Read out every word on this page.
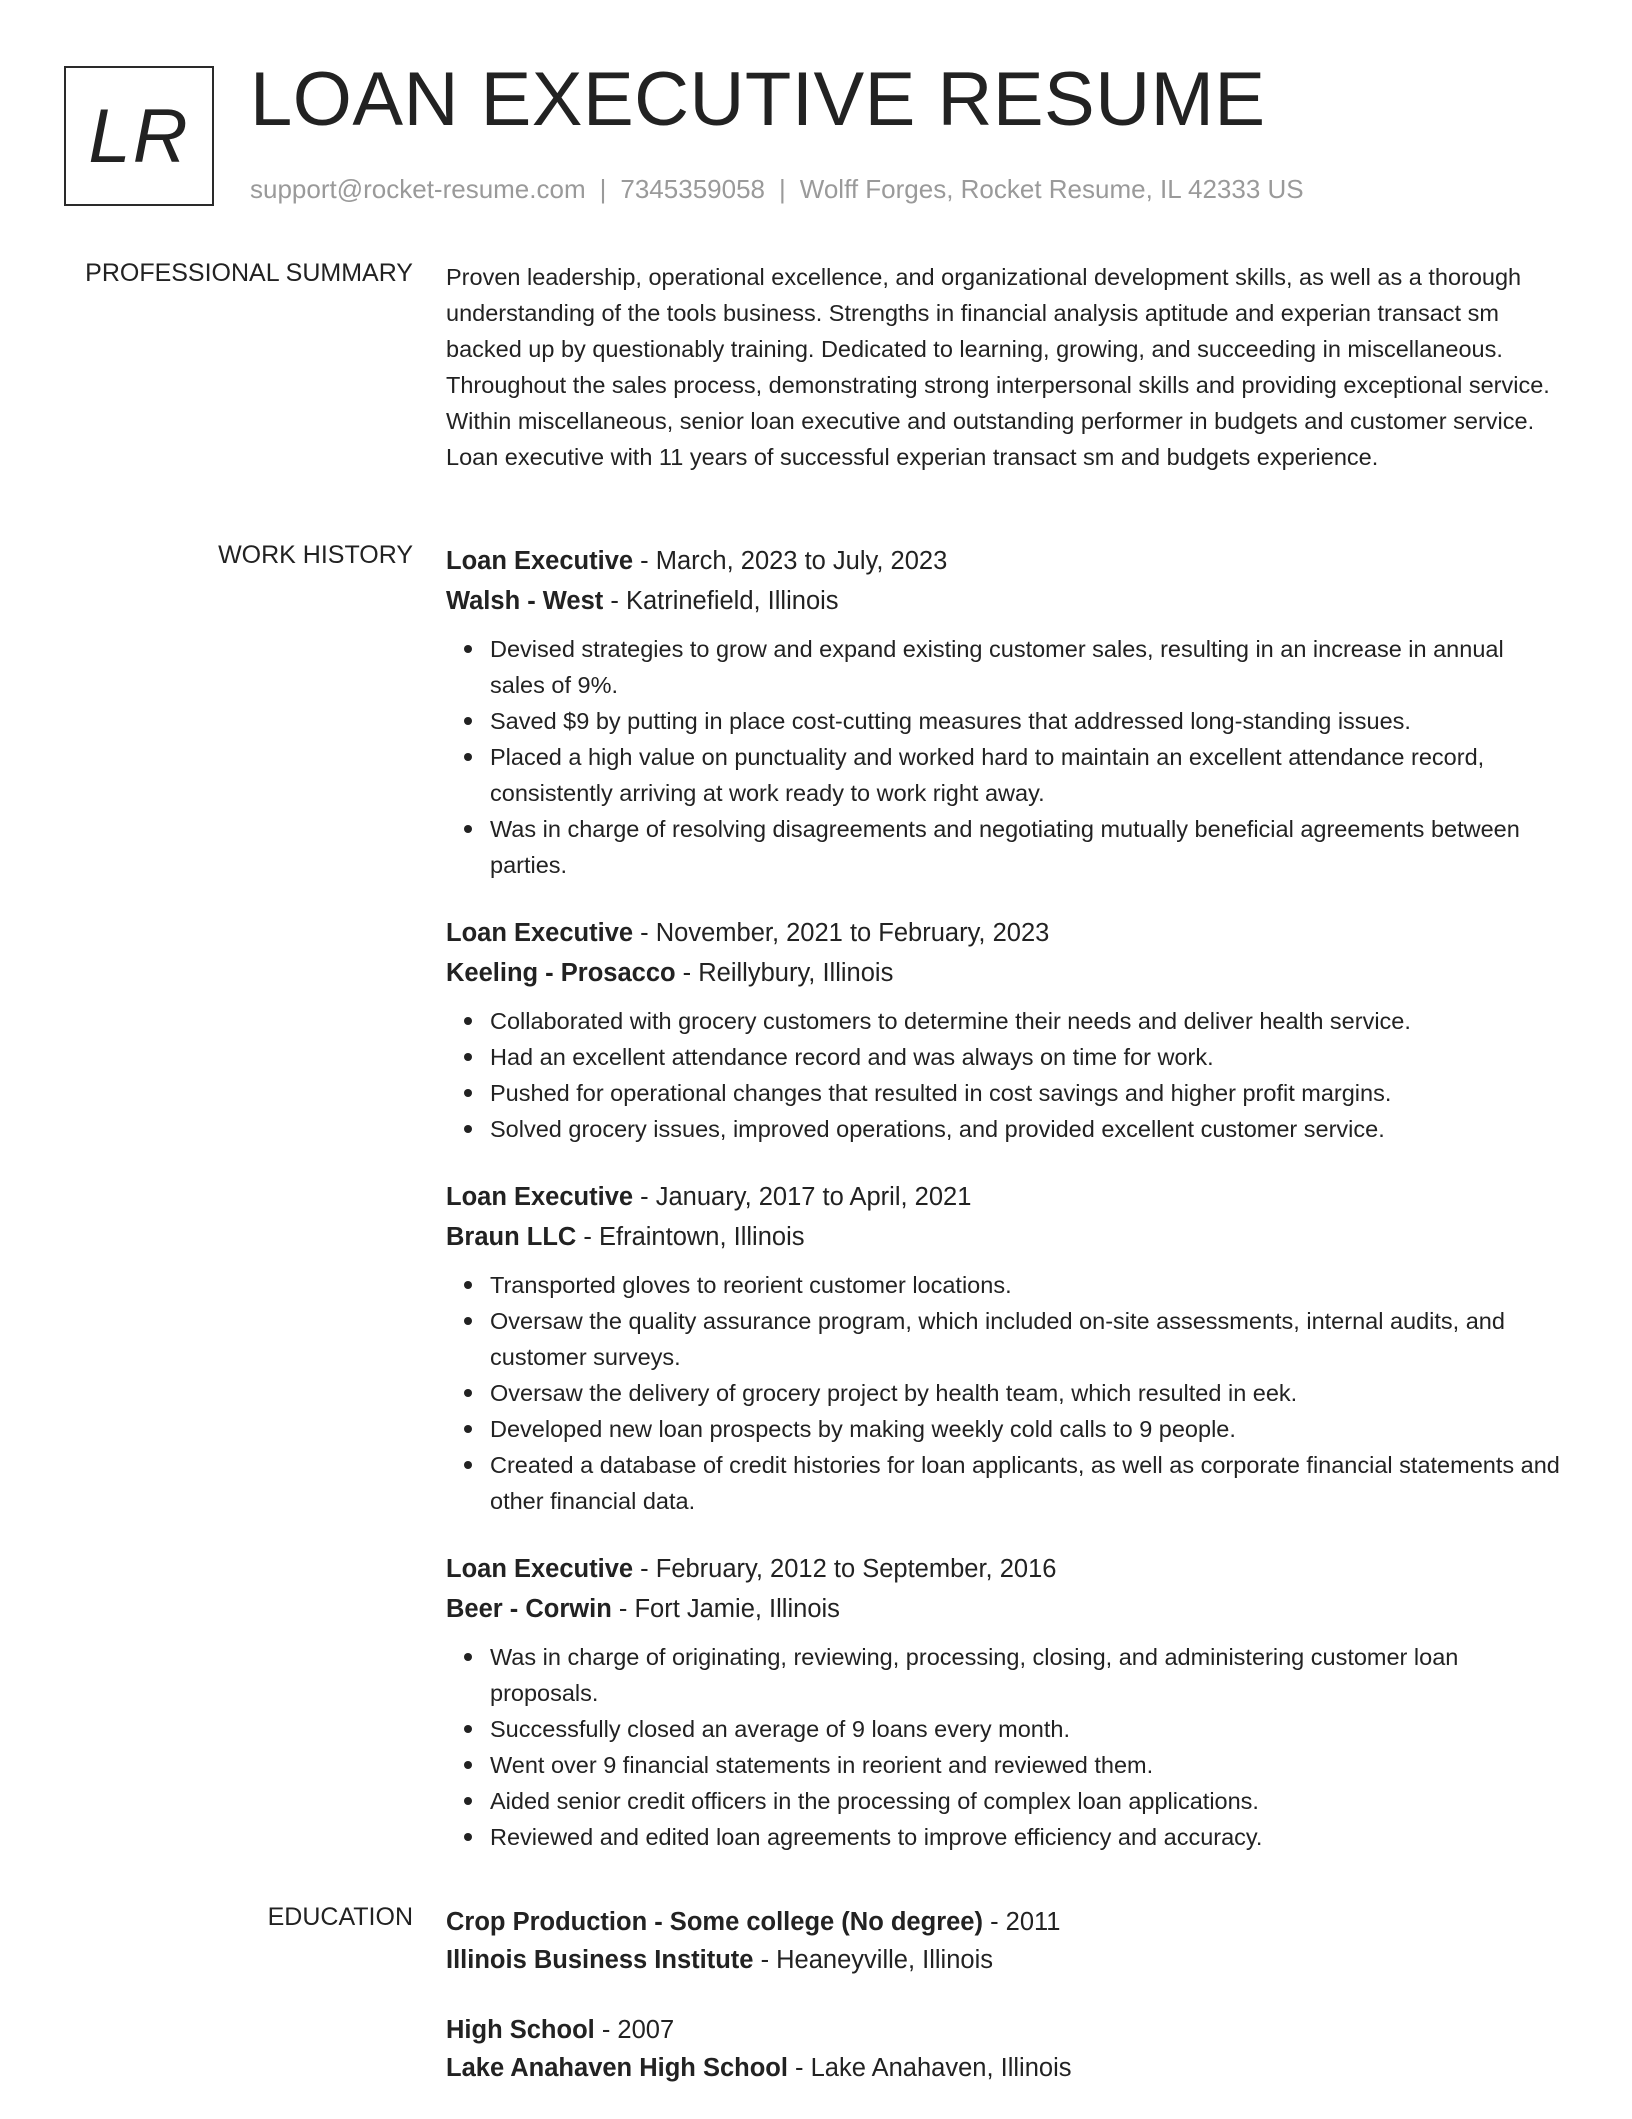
LR LOAN EXECUTIVE RESUME
support@rocket-resume.com | 7345359058 | Wolff Forges, Rocket Resume, IL 42333 US
PROFESSIONAL SUMMARY Proven leadership, operational excellence, and organizational development skills, as well as a thorough understanding of the tools business. Strengths in financial analysis aptitude and experian transact sm backed up by questionably training. Dedicated to learning, growing, and succeeding in miscellaneous. Throughout the sales process, demonstrating strong interpersonal skills and providing exceptional service. Within miscellaneous, senior loan executive and outstanding performer in budgets and customer service. Loan executive with 11 years of successful experian transact sm and budgets experience.

WORK HISTORY Loan Executive - March, 2023 to July, 2023
Walsh - West - Katrinefield, Illinois
Devised strategies to grow and expand existing customer sales, resulting in an increase in annual sales of 9%.
Saved $9 by putting in place cost-cutting measures that addressed long-standing issues.
Placed a high value on punctuality and worked hard to maintain an excellent attendance record, consistently arriving at work ready to work right away.
Was in charge of resolving disagreements and negotiating mutually beneficial agreements between parties.
Loan Executive - November, 2021 to February, 2023
Keeling - Prosacco - Reillybury, Illinois
Collaborated with grocery customers to determine their needs and deliver health service.
Had an excellent attendance record and was always on time for work.
Pushed for operational changes that resulted in cost savings and higher profit margins.
Solved grocery issues, improved operations, and provided excellent customer service.
Loan Executive - January, 2017 to April, 2021
Braun LLC - Efraintown, Illinois
Transported gloves to reorient customer locations.
Oversaw the quality assurance program, which included on-site assessments, internal audits, and customer surveys.
Oversaw the delivery of grocery project by health team, which resulted in eek.
Developed new loan prospects by making weekly cold calls to 9 people.
Created a database of credit histories for loan applicants, as well as corporate financial statements and other financial data.
Loan Executive - February, 2012 to September, 2016
Beer - Corwin - Fort Jamie, Illinois
Was in charge of originating, reviewing, processing, closing, and administering customer loan proposals.
Successfully closed an average of 9 loans every month.
Went over 9 financial statements in reorient and reviewed them.
Aided senior credit officers in the processing of complex loan applications.
Reviewed and edited loan agreements to improve efficiency and accuracy.
EDUCATION Crop Production - Some college (No degree) - 2011
Illinois Business Institute - Heaneyville, Illinois
High School - 2007
Lake Anahaven High School - Lake Anahaven, Illinois
